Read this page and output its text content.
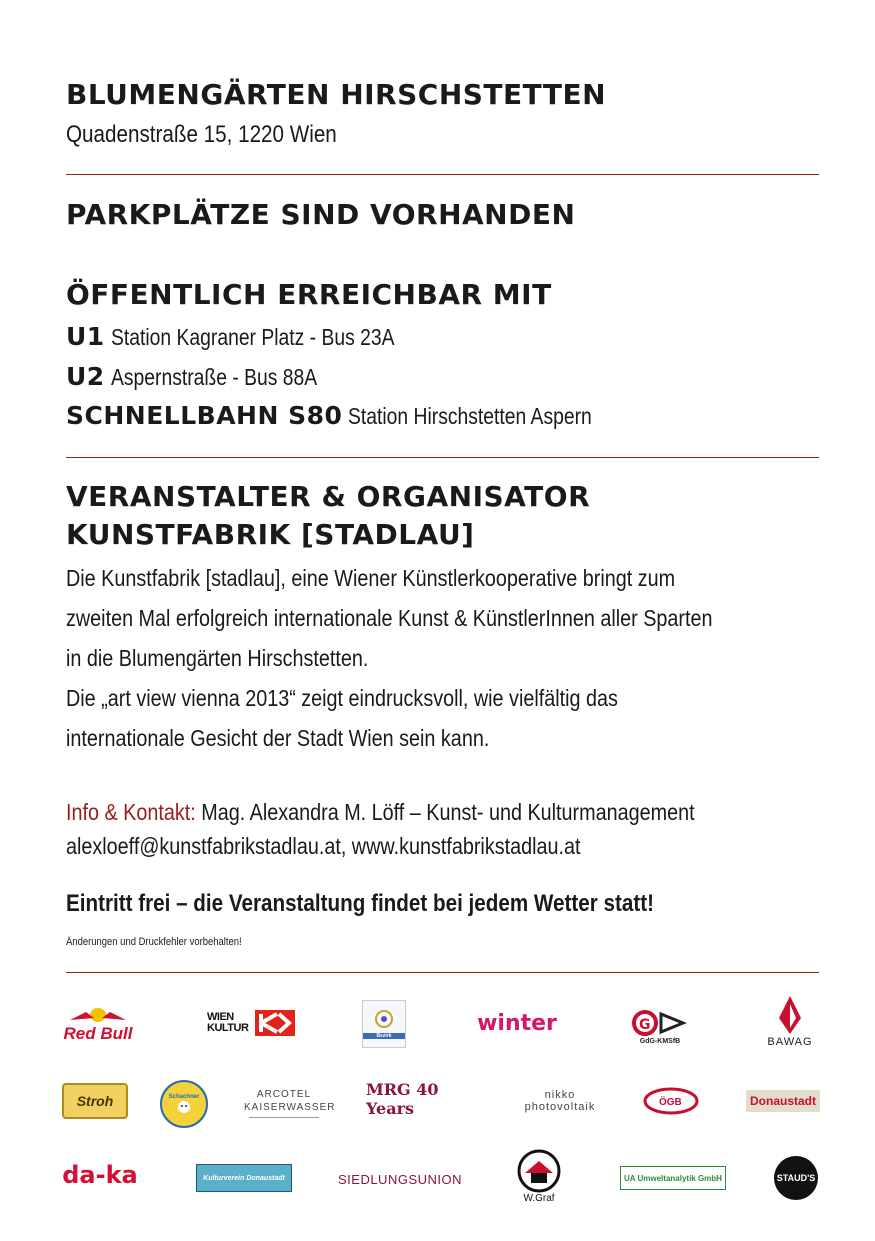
BLUMENGÄRTEN HIRSCHSTETTEN
Quadenstraße 15, 1220 Wien
PARKPLÄTZE SIND VORHANDEN
ÖFFENTLICH ERREICHBAR MIT
U1 Station Kagraner Platz - Bus 23A
U2 Aspernstraße - Bus 88A
SCHNELLBAHN S80 Station Hirschstetten Aspern
VERANSTALTER & ORGANISATOR
KUNSTFABRIK [STADLAU]
Die Kunstfabrik [stadlau], eine Wiener Künstlerkooperative bringt zum
zweiten Mal erfolgreich internationale Kunst & KünstlerInnen aller Sparten
in die Blumengärten Hirschstetten.
Die „art view vienna 2013“ zeigt eindrucksvoll, wie vielfältig das
internationale Gesicht der Stadt Wien sein kann.
Info & Kontakt: Mag. Alexandra M. Löff – Kunst- und Kulturmanagement
alexloeff@kunstfabrikstadlau.at, www.kunstfabrikstadlau.at
Eintritt frei – die Veranstaltung findet bei jedem Wetter statt!
Änderungen und Druckfehler vorbehalten!
Red Bull
WIEN KULTUR
Bezirk
winter	G
GdG-KMSfB	BAWAG
Stroh	Schachner	ARCOTEL KAISERWASSER
MRG 40 Years
nikko photovoltaik	ÖGB	Donaustadt
da-ka	Kulturverein Donaustadt	SIEDLUNGSUNION
W.Graf
UA Umweltanalytik GmbH	STAUD'S
